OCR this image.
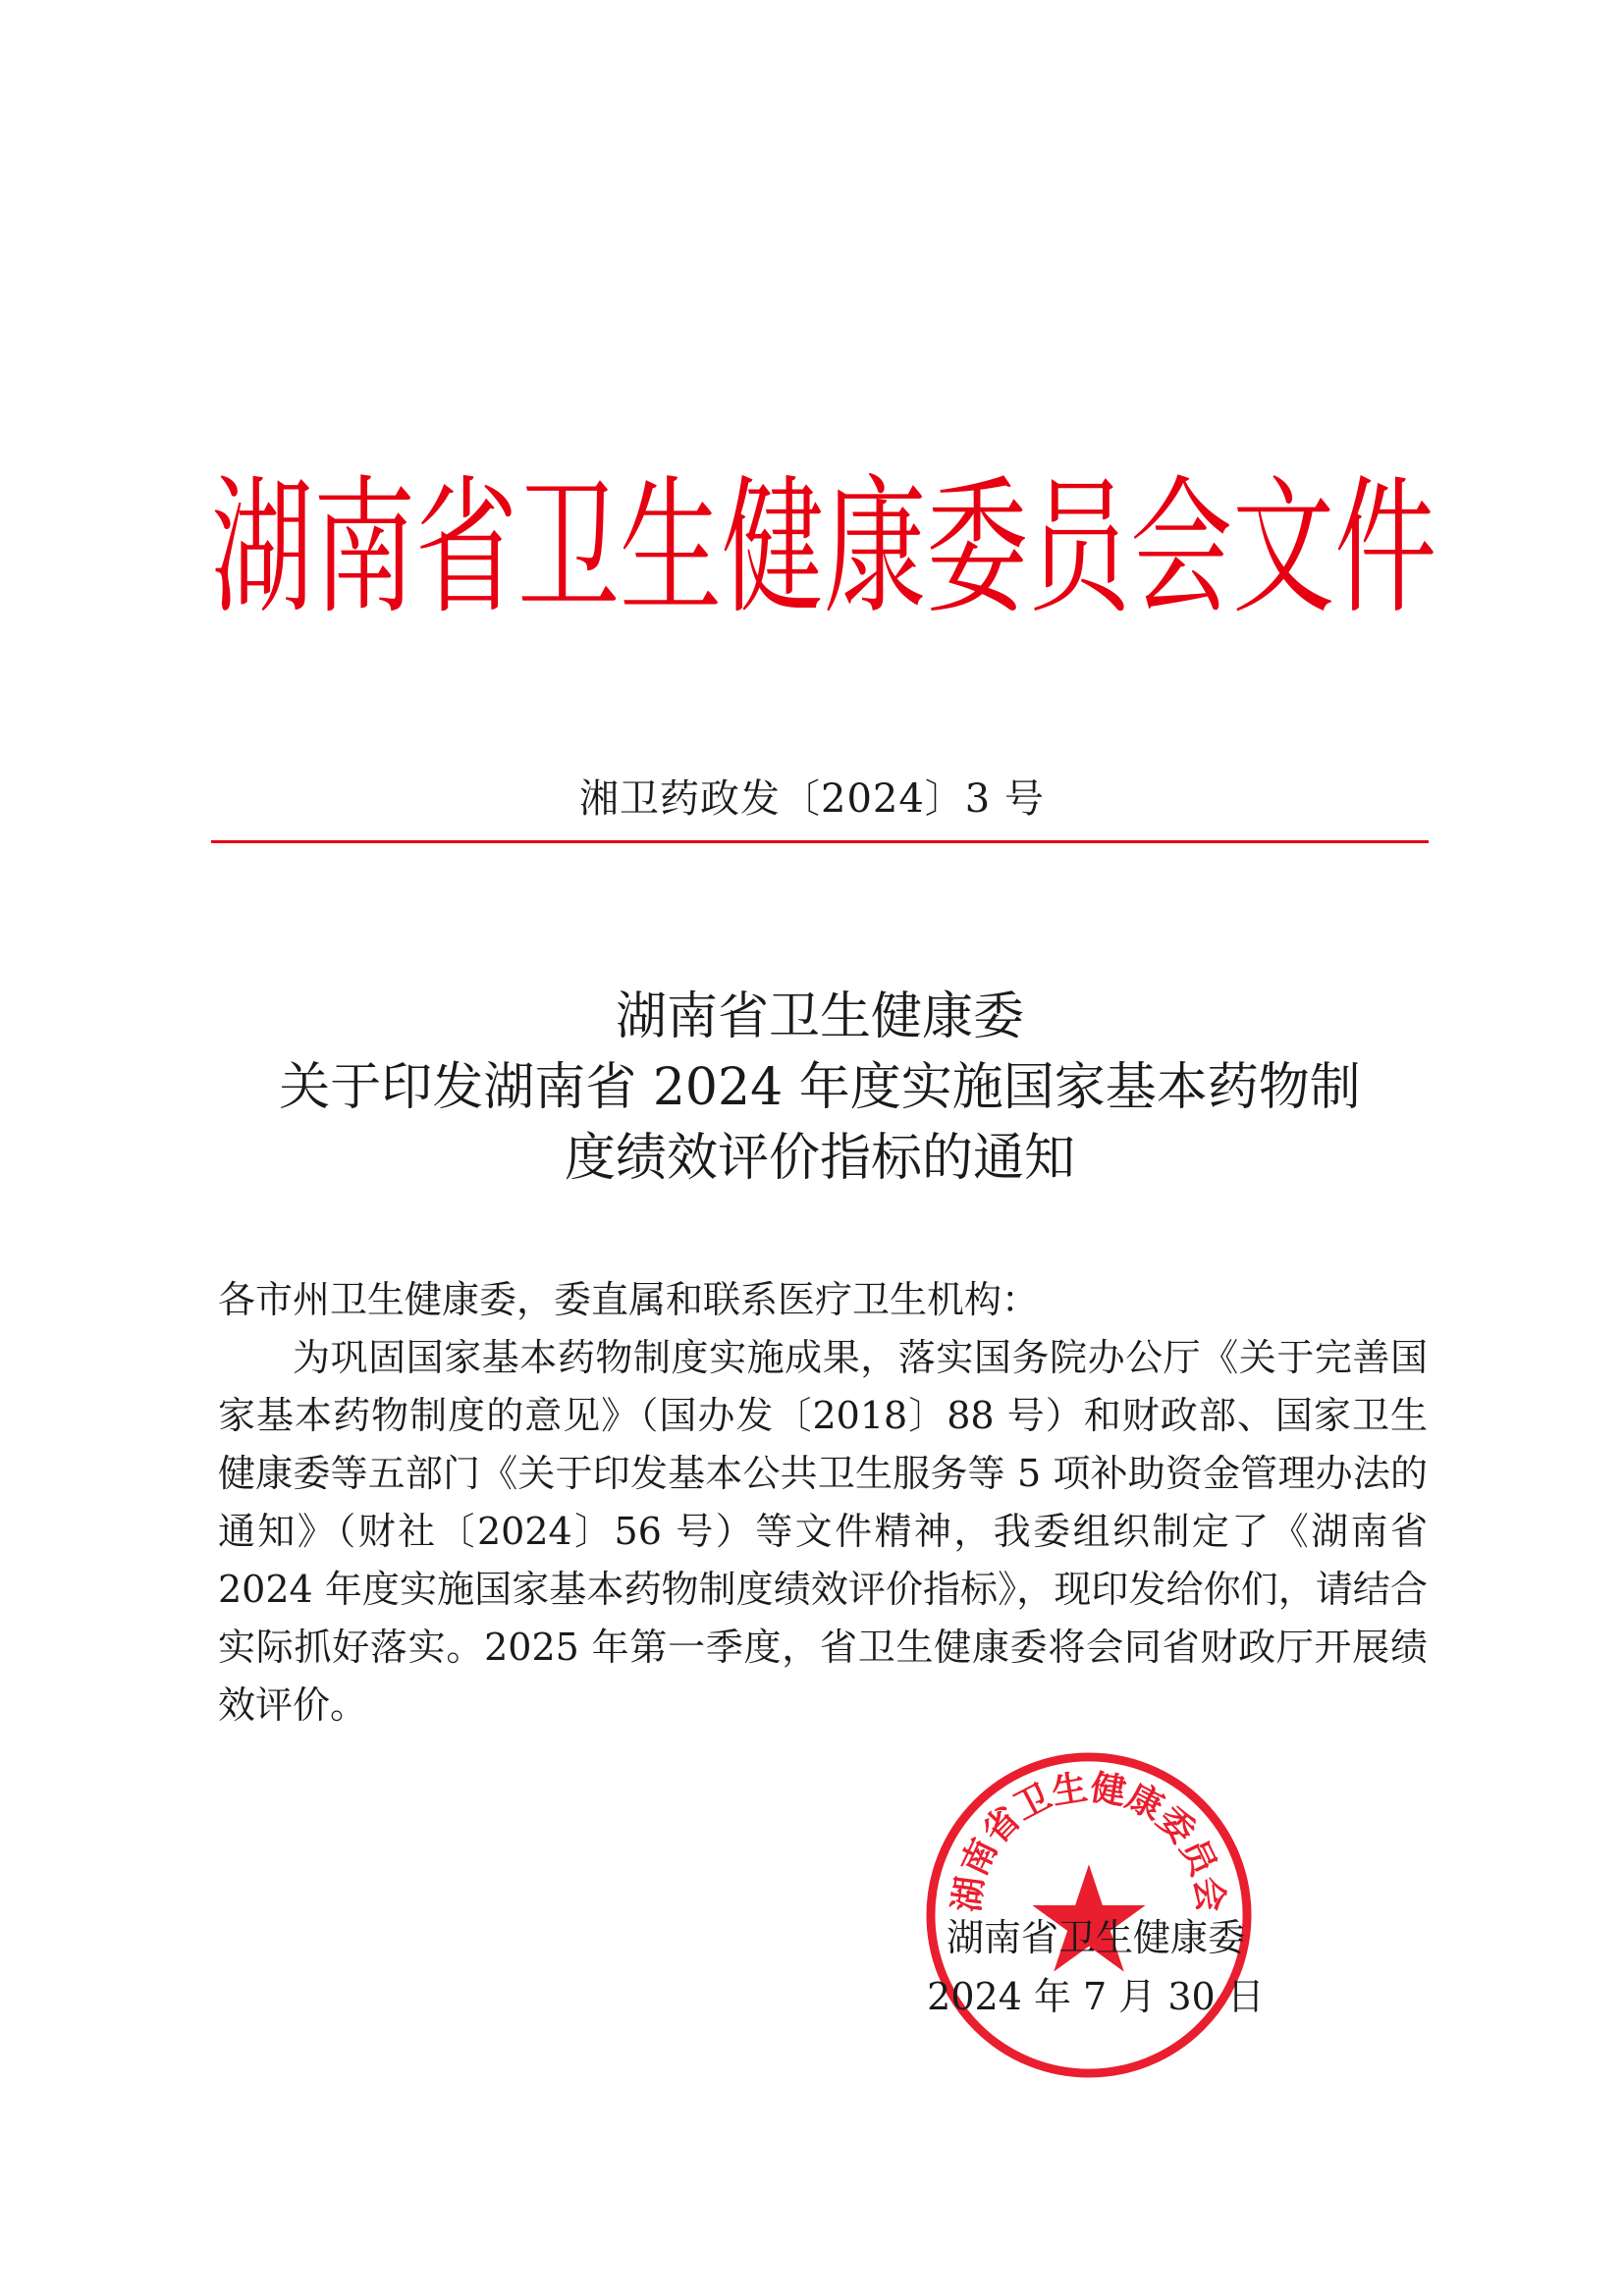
湖 南 省 卫 生 健 康 委 员 会 文 件
湘卫药政发〔2024〕3 号
湖南省卫生健康委
关于印发湖南省 2024 年度实施国家基本药物制
度绩效评价指标的通知
各市州卫生健康委，委直属和联系医疗卫生机构：
为巩固国家基本药物制度实施成果，落实国务院办公厅《关于完善国家基本药物制度的意见》（国办发〔2018〕88 号）和财政部、国家卫生健康委等五部门《关于印发基本公共卫生服务等 5 项补助资金管理办法的通知》（财社〔2024〕56 号）等文件精神，我委组织制定了《湖南省 2024 年度实施国家基本药物制度绩效评价指标》，现印发给你们，请结合实际抓好落实。2025 年第一季度，省卫生健康委将会同省财政厅开展绩效评价。
湖南省卫生健康委员会
湖南省卫生健康委
2024 年 7 月 30 日
